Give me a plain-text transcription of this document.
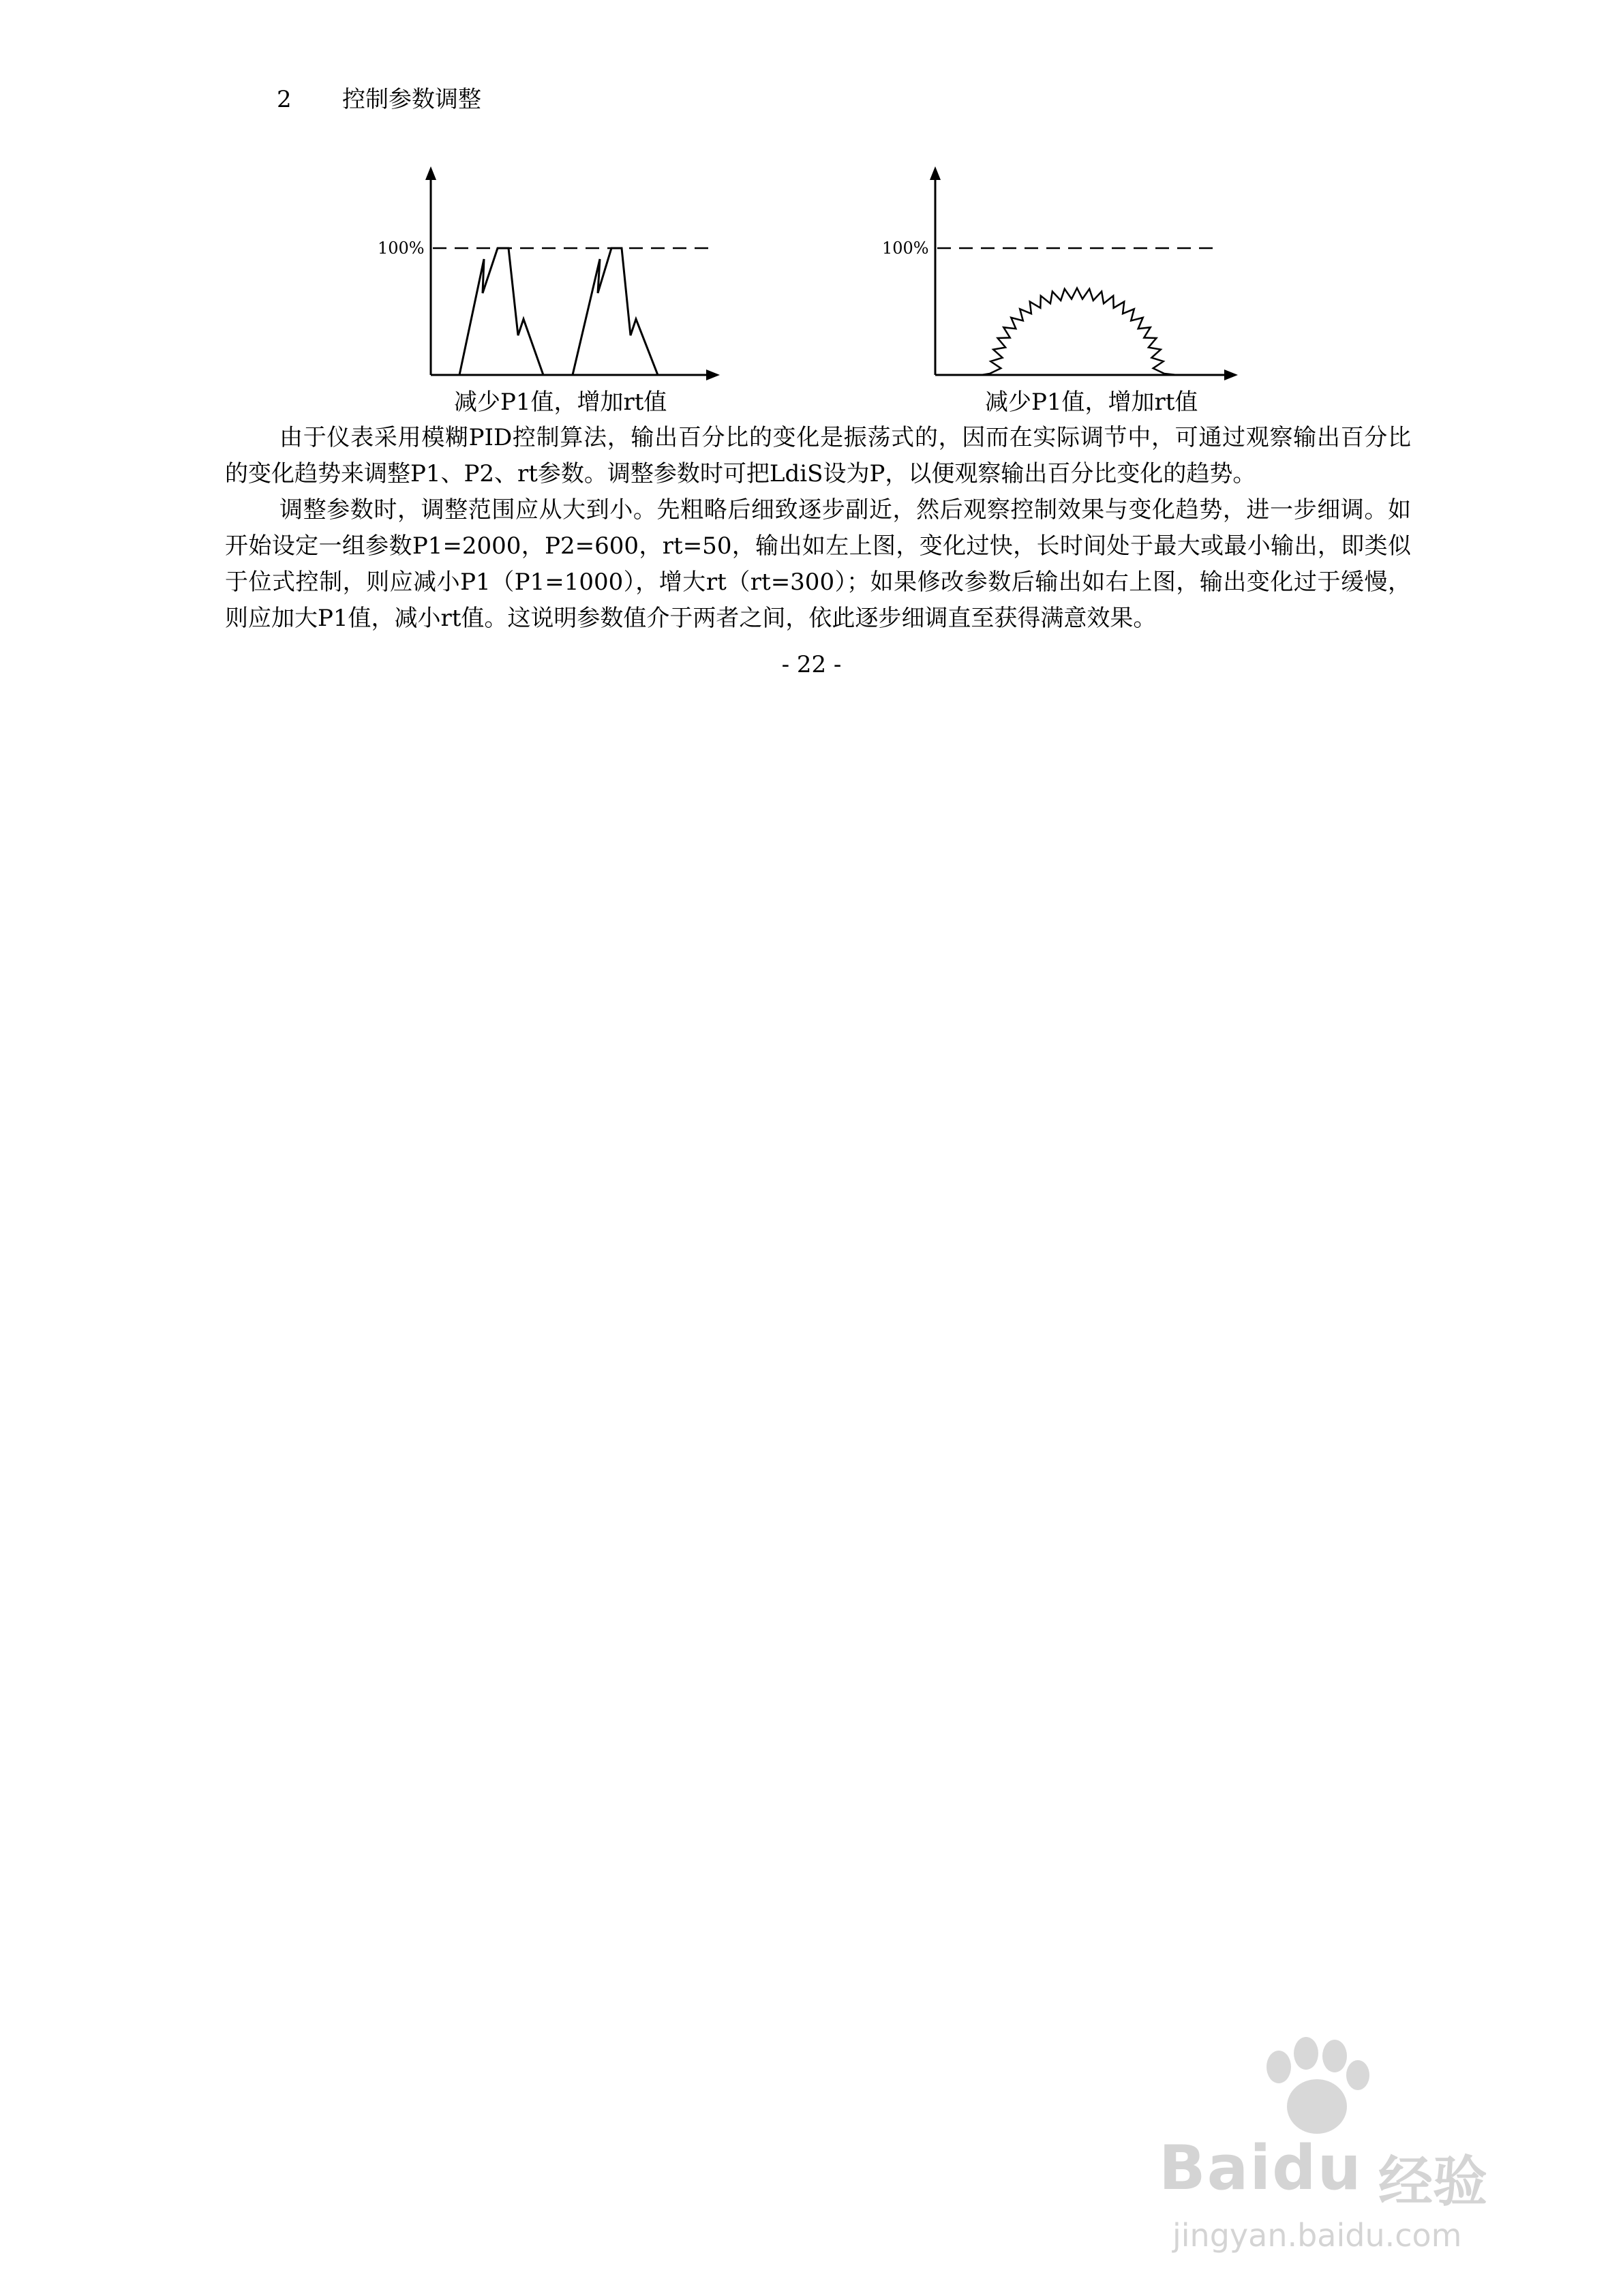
2 控制参数调整
100%
减少P1值，增加rt值
100%
减少P1值，增加rt值

由于仪表采用模糊PID控制算法，输出百分比的变化是振荡式的，因而在实际调节中，可通过观察输出百分比的变化趋势来调整P1、P2、rt参数。调整参数时可把LdiS设为P，以便观察输出百分比变化的趋势。

调整参数时，调整范围应从大到小。先粗略后细致逐步副近，然后观察控制效果与变化趋势，进一步细调。如开始设定一组参数P1=2000，P2=600，rt=50，输出如左上图，变化过快，长时间处于最大或最小输出，即类似于位式控制，则应减小P1（P1=1000），增大rt（rt=300）；如果修改参数后输出如右上图，输出变化过于缓慢，则应加大P1值，减小rt值。这说明参数值介于两者之间，依此逐步细调直至获得满意效果。

- 22 -
Baidu 经验
jingyan.baidu.com
